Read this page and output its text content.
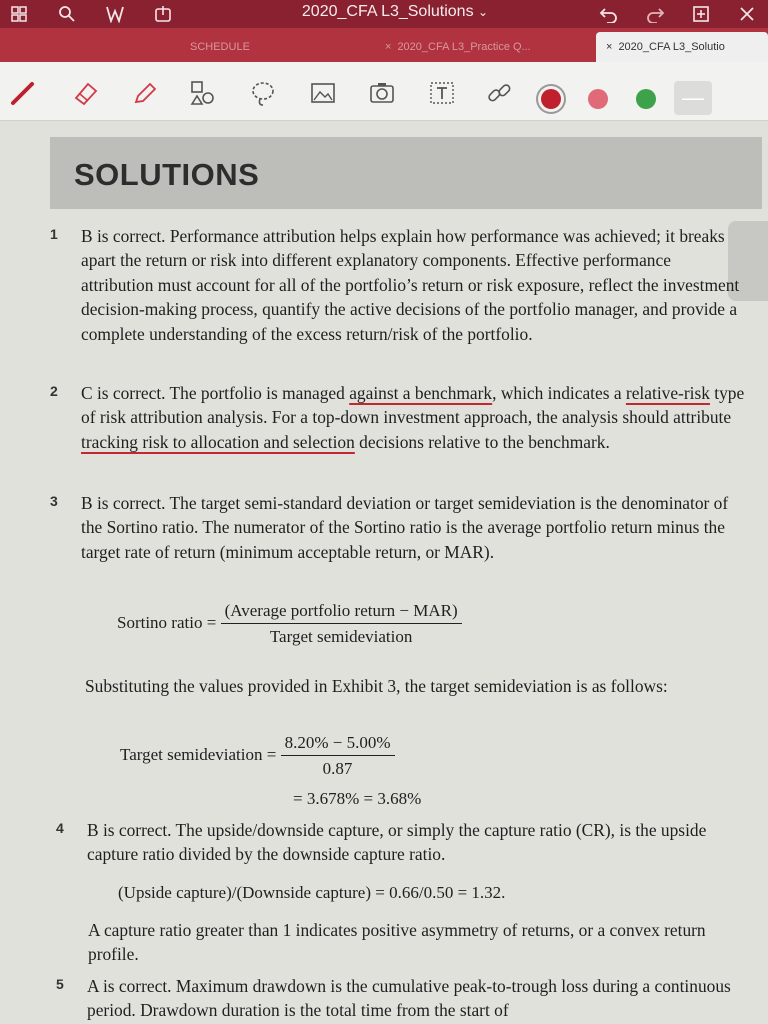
2020_CFA L3_Solutions ⌄
SCHEDULE	× 2020_CFA L3_Practice Q...	× 2020_CFA L3_Solutio
—
SOLUTIONS
1	B is correct. Performance attribution helps explain how performance was achieved; it breaks apart the return or risk into different explanatory components. Effective performance attribution must account for all of the portfolio’s return or risk exposure, reflect the investment decision-making process, quantify the active decisions of the portfolio manager, and provide a complete understanding of the excess return/risk of the portfolio.
2	C is correct. The portfolio is managed against a benchmark, which indicates a relative-risk type of risk attribution analysis. For a top-down investment approach, the analysis should attribute tracking risk to allocation and selection decisions relative to the benchmark.
3	B is correct. The target semi-standard deviation or target semideviation is the denominator of the Sortino ratio. The numerator of the Sortino ratio is the average portfolio return minus the target rate of return (minimum acceptable return, or MAR).
Sortino ratio = $\frac{\text{(Average portfolio return − MAR)}}{\text{Target semideviation}}$
Substituting the values provided in Exhibit 3, the target semideviation is as follows:
Target semideviation = $\frac{8.20\% - 5.00\%}{0.87}$
= 3.678% = 3.68%
4	B is correct. The upside/downside capture, or simply the capture ratio (CR), is the upside capture ratio divided by the downside capture ratio.
(Upside capture)/(Downside capture) = 0.66/0.50 = 1.32.
A capture ratio greater than 1 indicates positive asymmetry of returns, or a convex return profile.
5	A is correct. Maximum drawdown is the cumulative peak-to-trough loss during a continuous period. Drawdown duration is the total time from the start of
